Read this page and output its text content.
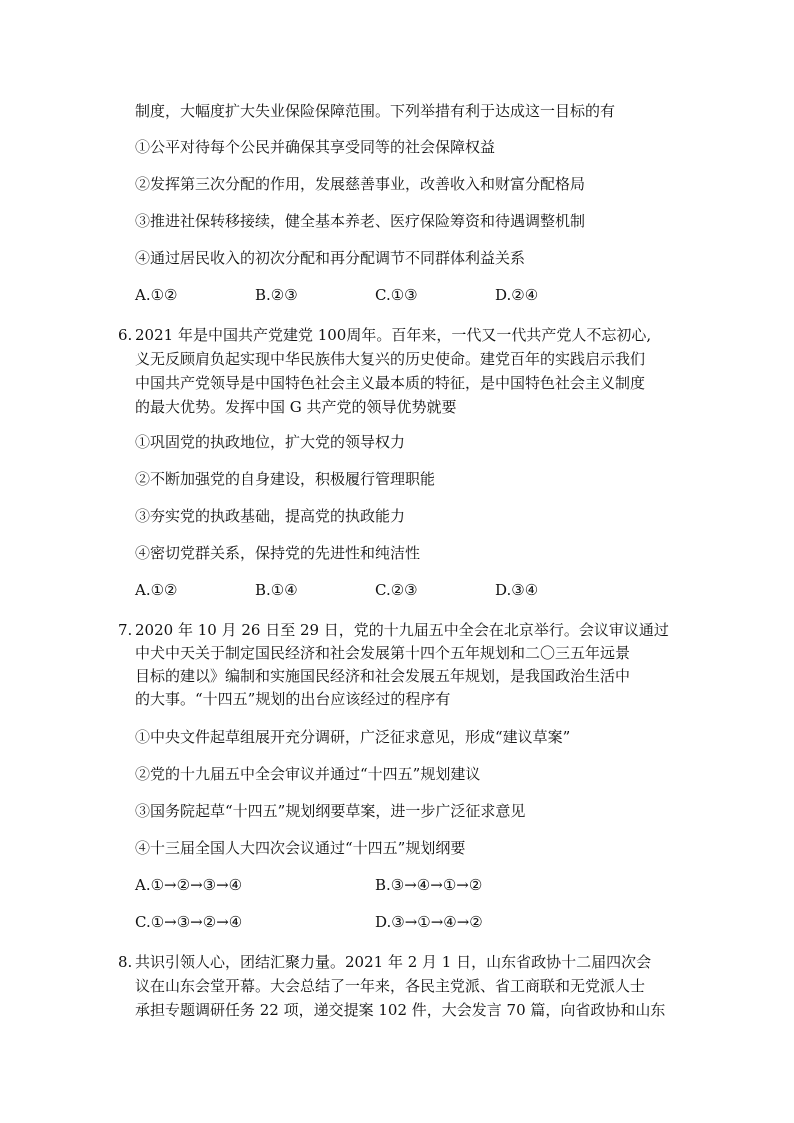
制度，大幅度扩大失业保险保障范围。下列举措有利于达成这一目标的有
①公平对待每个公民并确保其享受同等的社会保障权益
②发挥第三次分配的作用，发展慈善事业，改善收入和财富分配格局
③推进社保转移接续，健全基本养老、医疗保险筹资和待遇调整机制
④通过居民收入的初次分配和再分配调节不同群体利益关系
A.①②	B.②③	C.①③	D.②④
6. 2021 年是中国共产党建党 100周年。百年来，一代又一代共产党人不忘初心,
义无反顾肩负起实现中华民族伟大复兴的历史使命。建党百年的实践启示我们
中国共产党领导是中国特色社会主义最本质的特征，是中国特色社会主义制度
的最大优势。发挥中国 G 共产党的领导优势就要
①巩固党的执政地位，扩大党的领导权力
②不断加强党的自身建设，积极履行管理职能
③夯实党的执政基础，提高党的执政能力
④密切党群关系，保持党的先进性和纯洁性
A.①②	B.①④	C.②③	D.③④
7. 2020 年 10 月 26 日至 29 日，党的十九届五中全会在北京举行。会议审议通过
中犬中天关于制定国民经济和社会发展第十四个五年规划和二〇三五年远景
目标的建以》编制和实施国民经济和社会发展五年规划，是我国政治生活中
的大事。“十四五”规划的出台应该经过的程序有
①中央文件起草组展开充分调研，广泛征求意见，形成“建议草案”
②党的十九届五中全会审议并通过“十四五”规划建议
③国务院起草“十四五”规划纲要草案，进一步广泛征求意见
④十三届全国人大四次会议通过“十四五”规划纲要
A.①→②→③→④	B.③→④→①→②
C.①→③→②→④	D.③→①→④→②
8. 共识引领人心，团结汇聚力量。2021 年 2 月 1 日，山东省政协十二届四次会
议在山东会堂开幕。大会总结了一年来，各民主党派、省工商联和无党派人士
承担专题调研任务 22 项，递交提案 102 件，大会发言 70 篇，向省政协和山东
